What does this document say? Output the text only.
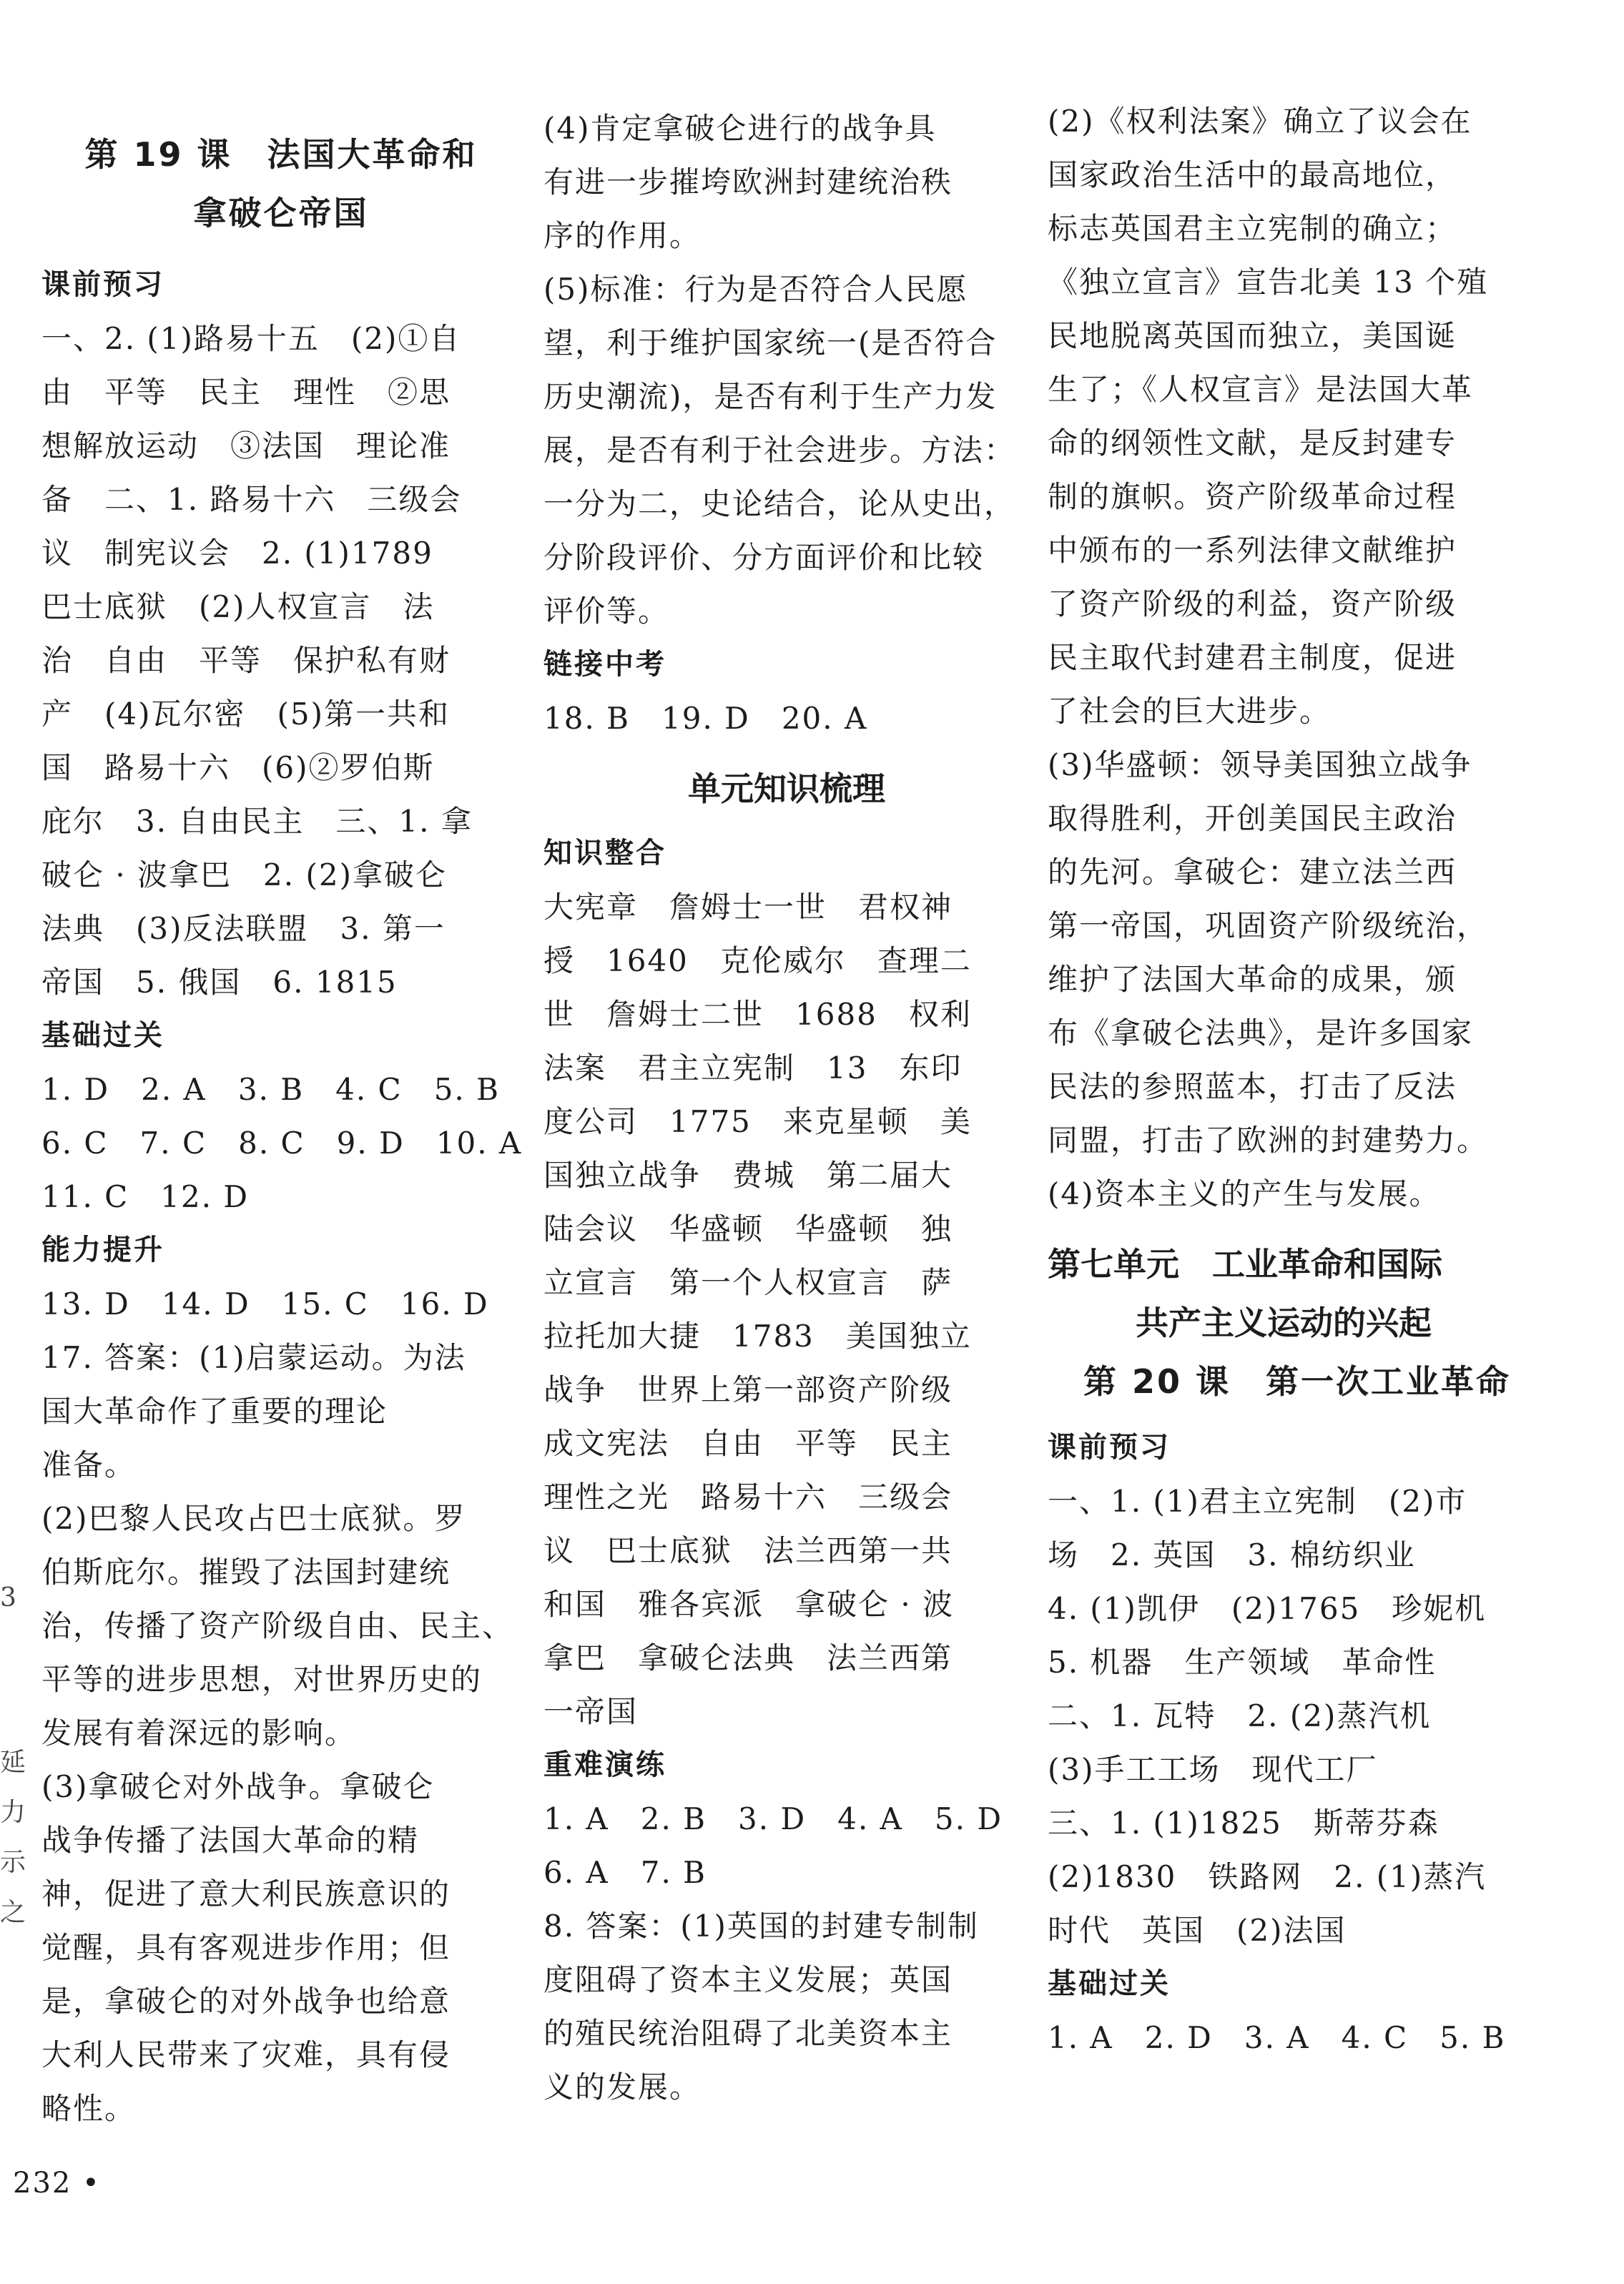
第 19 课　法国大革命和
拿破仑帝国
课前预习
一、2. (1)路易十五　(2)①自
由　平等　民主　理性　②思
想解放运动　③法国　理论准
备　二、1. 路易十六　三级会
议　制宪议会　2. (1)1789
巴士底狱　(2)人权宣言　法
治　自由　平等　保护私有财
产　(4)瓦尔密　(5)第一共和
国　路易十六　(6)②罗伯斯
庇尔　3. 自由民主　三、1. 拿
破仑 · 波拿巴　2. (2)拿破仑
法典　(3)反法联盟　3. 第一
帝国　5. 俄国　6. 1815
基础过关
1. D　2. A　3. B　4. C　5. B
6. C　7. C　8. C　9. D　10. A
11. C　12. D
能力提升
13. D　14. D　15. C　16. D
17. 答案：(1)启蒙运动。为法
国大革命作了重要的理论
准备。
(2)巴黎人民攻占巴士底狱。罗
伯斯庇尔。摧毁了法国封建统
治，传播了资产阶级自由、民主、
平等的进步思想，对世界历史的
发展有着深远的影响。
(3)拿破仑对外战争。拿破仑
战争传播了法国大革命的精
神，促进了意大利民族意识的
觉醒，具有客观进步作用；但
是，拿破仑的对外战争也给意
大利人民带来了灾难，具有侵
略性。
(4)肯定拿破仑进行的战争具
有进一步摧垮欧洲封建统治秩
序的作用。
(5)标准：行为是否符合人民愿
望，利于维护国家统一(是否符合
历史潮流)，是否有利于生产力发
展，是否有利于社会进步。方法：
一分为二，史论结合，论从史出，
分阶段评价、分方面评价和比较
评价等。
链接中考
18. B　19. D　20. A
单元知识梳理
知识整合
大宪章　詹姆士一世　君权神
授　1640　克伦威尔　查理二
世　詹姆士二世　1688　权利
法案　君主立宪制　13　东印
度公司　1775　来克星顿　美
国独立战争　费城　第二届大
陆会议　华盛顿　华盛顿　独
立宣言　第一个人权宣言　萨
拉托加大捷　1783　美国独立
战争　世界上第一部资产阶级
成文宪法　自由　平等　民主
理性之光　路易十六　三级会
议　巴士底狱　法兰西第一共
和国　雅各宾派　拿破仑 · 波
拿巴　拿破仑法典　法兰西第
一帝国
重难演练
1. A　2. B　3. D　4. A　5. D
6. A　7. B
8. 答案：(1)英国的封建专制制
度阻碍了资本主义发展；英国
的殖民统治阻碍了北美资本主
义的发展。
(2)《权利法案》确立了议会在
国家政治生活中的最高地位，
标志英国君主立宪制的确立；
《独立宣言》宣告北美 13 个殖
民地脱离英国而独立，美国诞
生了；《人权宣言》是法国大革
命的纲领性文献，是反封建专
制的旗帜。资产阶级革命过程
中颁布的一系列法律文献维护
了资产阶级的利益，资产阶级
民主取代封建君主制度，促进
了社会的巨大进步。
(3)华盛顿：领导美国独立战争
取得胜利，开创美国民主政治
的先河。拿破仑：建立法兰西
第一帝国，巩固资产阶级统治，
维护了法国大革命的成果，颁
布《拿破仑法典》，是许多国家
民法的参照蓝本，打击了反法
同盟，打击了欧洲的封建势力。
(4)资本主义的产生与发展。
第七单元　工业革命和国际
共产主义运动的兴起
第 20 课　第一次工业革命
课前预习
一、1. (1)君主立宪制　(2)市
场　2. 英国　3. 棉纺织业
4. (1)凯伊　(2)1765　珍妮机
5. 机器　生产领域　革命性
二、1. 瓦特　2. (2)蒸汽机
(3)手工工场　现代工厂
三、1. (1)1825　斯蒂芬森
(2)1830　铁路网　2. (1)蒸汽
时代　英国　(2)法国
基础过关
1. A　2. D　3. A　4. C　5. B
3
延
力
示
之
232 •
